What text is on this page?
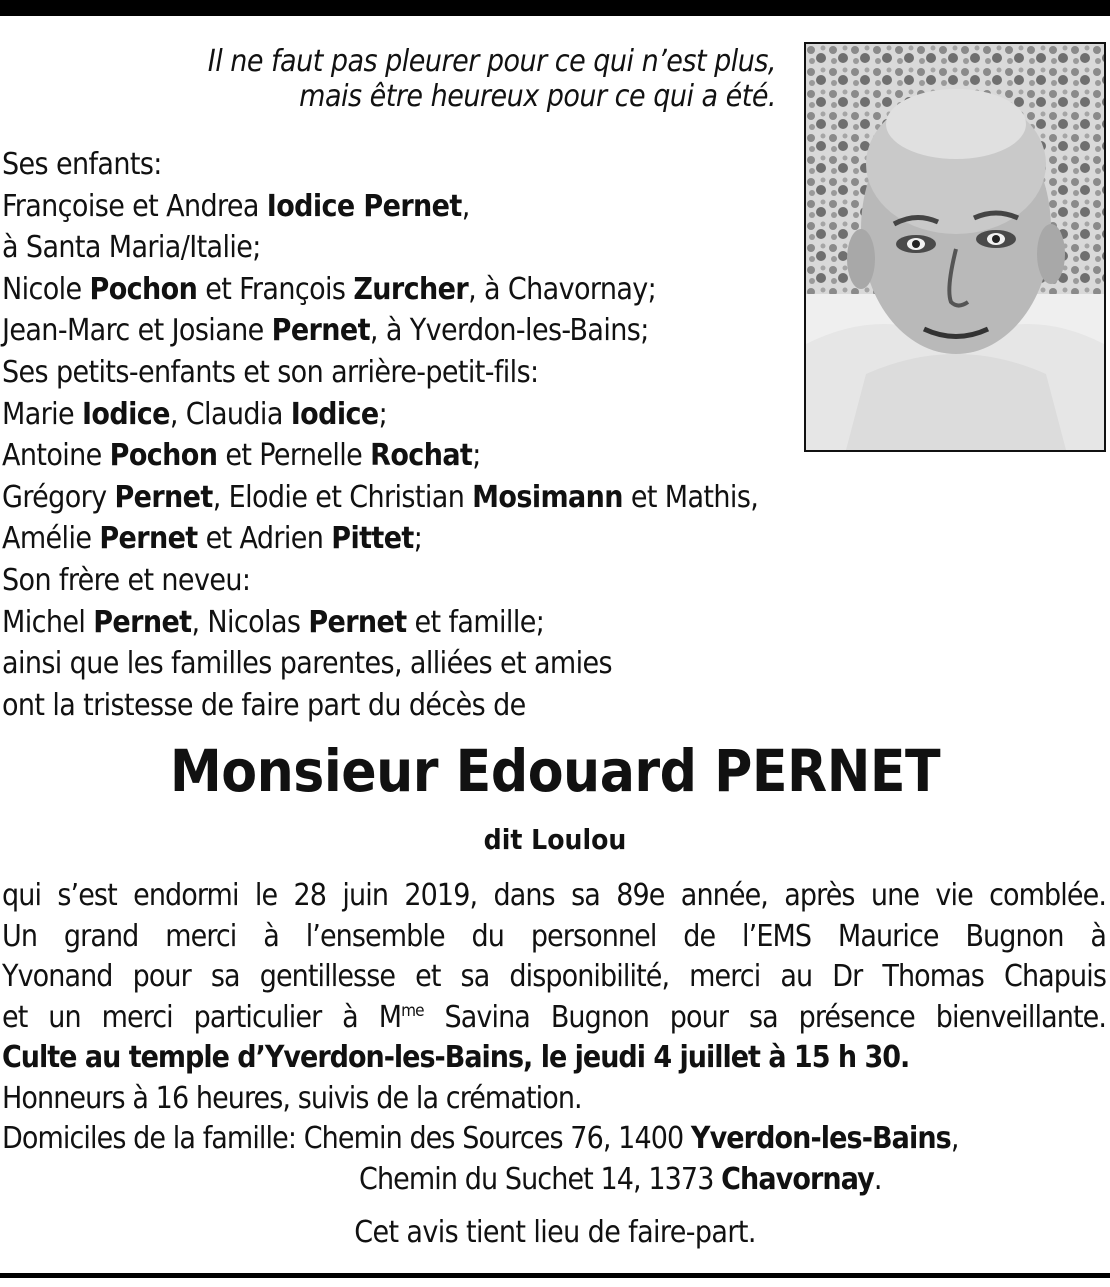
Il ne faut pas pleurer pour ce qui n’est plus,
mais être heureux pour ce qui a été.
Ses enfants:
Françoise et Andrea Iodice Pernet,
à Santa Maria/Italie;
Nicole Pochon et François Zurcher, à Chavornay;
Jean-Marc et Josiane Pernet, à Yverdon-les-Bains;
Ses petits-enfants et son arrière-petit-fils:
Marie Iodice, Claudia Iodice;
Antoine Pochon et Pernelle Rochat;
Grégory Pernet, Elodie et Christian Mosimann et Mathis,
Amélie Pernet et Adrien Pittet;
Son frère et neveu:
Michel Pernet, Nicolas Pernet et famille;
ainsi que les familles parentes, alliées et amies
ont la tristesse de faire part du décès de
Monsieur Edouard PERNET
dit Loulou
qui s’est endormi le 28 juin 2019, dans sa 89e année, après une vie comblée.
Un grand merci à l’ensemble du personnel de l’EMS Maurice Bugnon à
Yvonand pour sa gentillesse et sa disponibilité, merci au Dr Thomas Chapuis
et un merci particulier à $M^{me}$ Savina Bugnon pour sa présence bienveillante.
Culte au temple d’Yverdon-les-Bains, le jeudi 4 juillet à 15 h 30.
Honneurs à 16 heures, suivis de la crémation.
Domiciles de la famille: Chemin des Sources 76, 1400 Yverdon-les-Bains,
Chemin du Suchet 14, 1373 Chavornay.
Cet avis tient lieu de faire-part.
